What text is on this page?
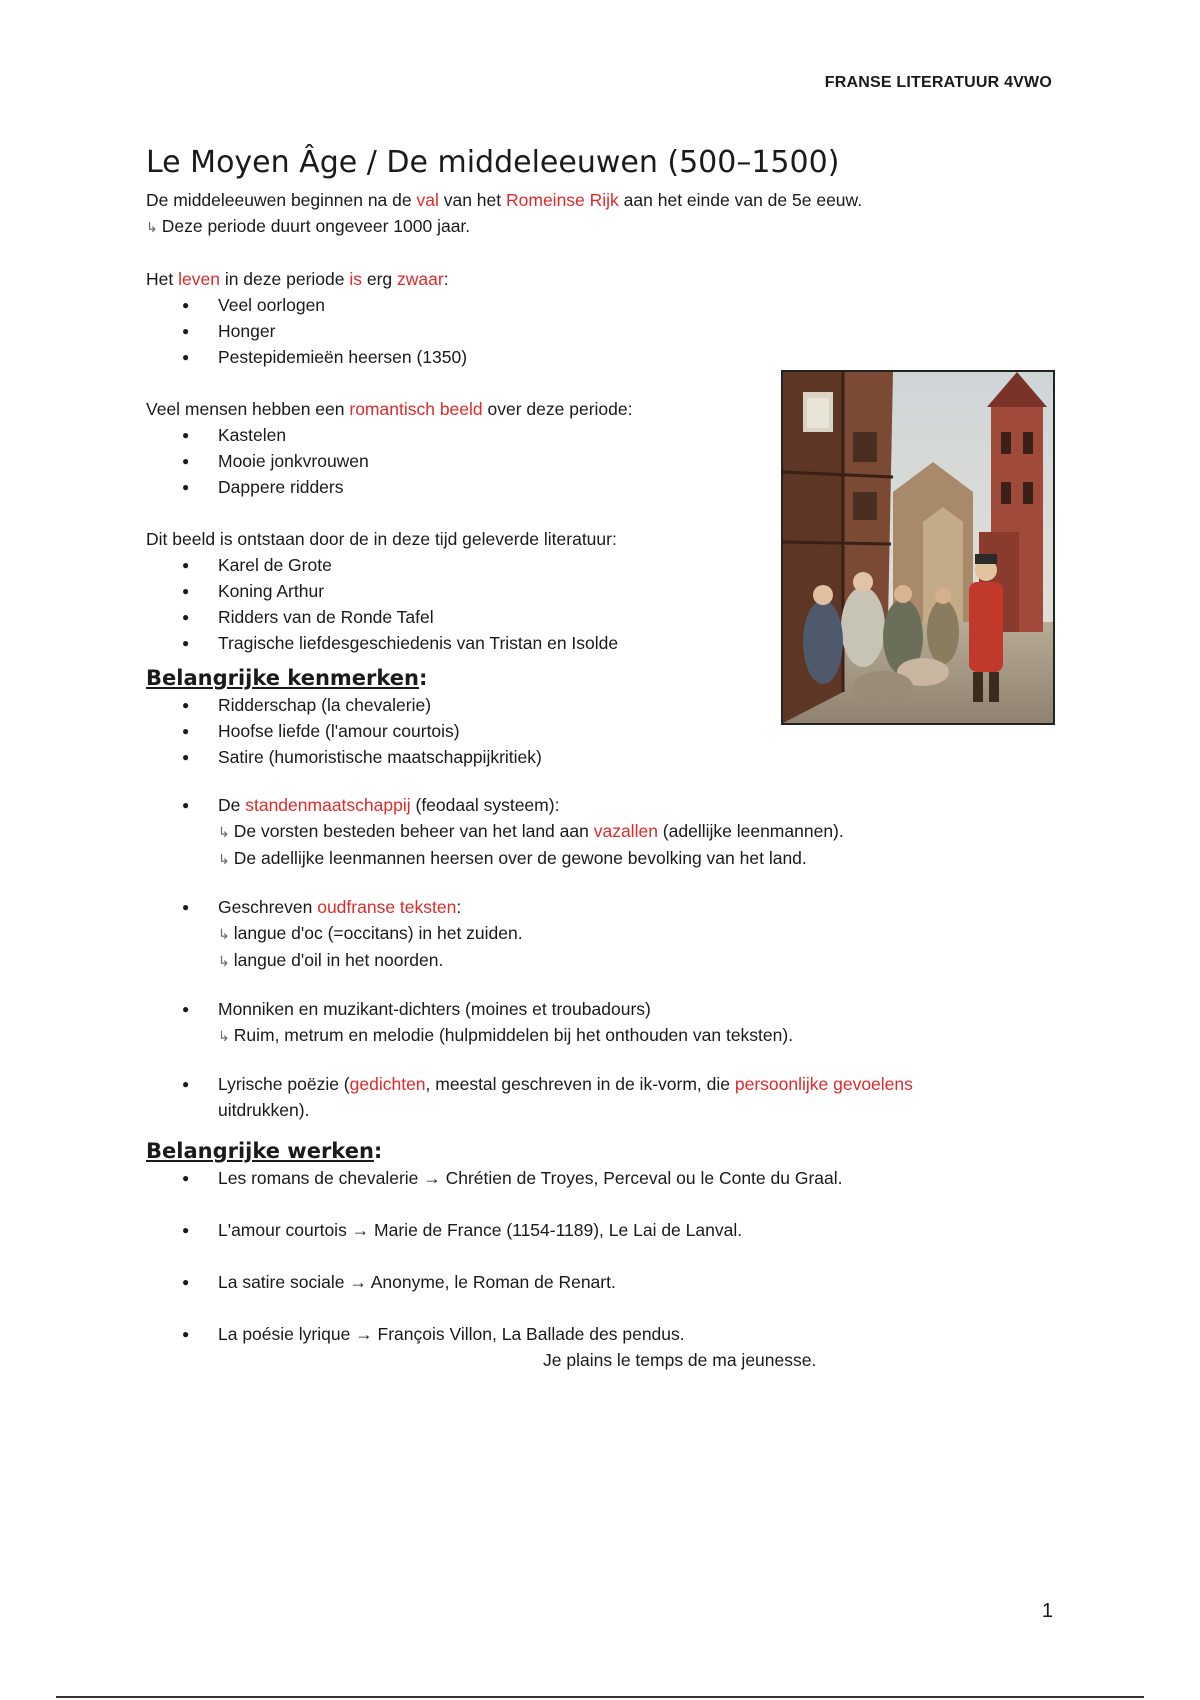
FRANSE LITERATUUR 4VWO
Le Moyen Âge / De middeleeuwen (500–1500)

De middeleeuwen beginnen na de val van het Romeinse Rijk aan het einde van de 5e eeuw.

↳ Deze periode duurt ongeveer 1000 jaar.

Het leven in deze periode is erg zwaar:

● Veel oorlogen
● Honger
● Pestepidemieën heersen (1350)

Veel mensen hebben een romantisch beeld over deze periode:

● Kastelen
● Mooie jonkvrouwen
● Dappere ridders

Dit beeld is ontstaan door de in deze tijd geleverde literatuur:

● Karel de Grote
● Koning Arthur
● Ridders van de Ronde Tafel
● Tragische liefdesgeschiedenis van Tristan en Isolde
Belangrijke kenmerken:
● Ridderschap (la chevalerie)
● Hoofse liefde (l'amour courtois)
● Satire (humoristische maatschappijkritiek)
● De standenmaatschappij (feodaal systeem):
↳ De vorsten besteden beheer van het land aan vazallen (adellijke leenmannen).
↳ De adellijke leenmannen heersen over de gewone bevolking van het land.
● Geschreven oudfranse teksten:
↳ langue d'oc (=occitans) in het zuiden.
↳ langue d'oil in het noorden.
● Monniken en muzikant-dichters (moines et troubadours)
↳ Ruim, metrum en melodie (hulpmiddelen bij het onthouden van teksten).
● Lyrische poëzie (gedichten, meestal geschreven in de ik-vorm, die persoonlijke gevoelens
uitdrukken).
Belangrijke werken:
● Les romans de chevalerie → Chrétien de Troyes, Perceval ou le Conte du Graal.
● L'amour courtois → Marie de France (1154-1189), Le Lai de Lanval.
● La satire sociale → Anonyme, le Roman de Renart.
● La poésie lyrique → François Villon, La Ballade des pendus.
Je plains le temps de ma jeunesse.
1
